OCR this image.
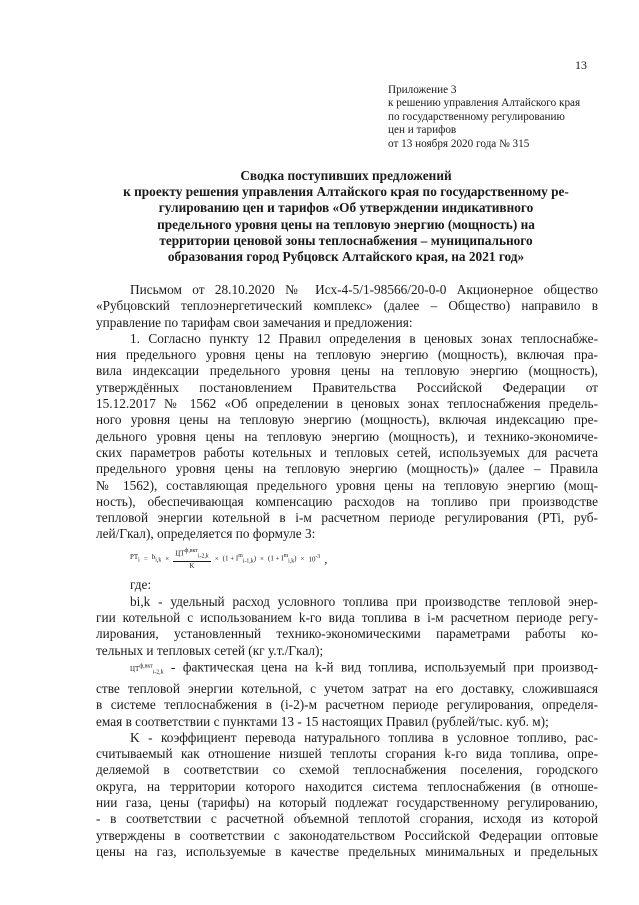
13
Приложение 3
к решению управления Алтайского края
по государственному регулированию
цен и тарифов
от 13 ноября 2020 года № 315
Сводка поступивших предложений
к проекту решения управления Алтайского края по государственному ре-
гулированию цен и тарифов «Об утверждении индикативного
предельного уровня цены на тепловую энергию (мощность) на
территории ценовой зоны теплоснабжения – муниципального
образования город Рубцовск Алтайского края, на 2021 год»
Письмом от 28.10.2020 № Исх-4-5/1-98566/20-0-0 Акционерное общество
«Рубцовский теплоэнергетический комплекс» (далее – Общество) направило в
управление по тарифам свои замечания и предложения:
1. Согласно пункту 12 Правил определения в ценовых зонах теплоснабже-
ния предельного уровня цены на тепловую энергию (мощность), включая пра-
вила индексации предельного уровня цены на тепловую энергию (мощность),
утверждённых постановлением Правительства Российской Федерации от
15.12.2017 № 1562 «Об определении в ценовых зонах теплоснабжения предель-
ного уровня цены на тепловую энергию (мощность), включая индексацию пре-
дельного уровня цены на тепловую энергию (мощность), и технико-экономиче-
ских параметров работы котельных и тепловых сетей, используемых для расчета
предельного уровня цены на тепловую энергию (мощность)» (далее – Правила
№ 1562), составляющая предельного уровня цены на тепловую энергию (мощ-
ность), обеспечивающая компенсацию расходов на топливо при производстве
тепловой энергии котельной в i-м расчетном периоде регулирования (PTi, руб-
лей/Гкал), определяется по формуле 3:
$PT_i = b_{i,k} \times \frac{ЦТ^{ф,вкт}_{i-2,k}}{K} \times (1 + I^m_{i-1,k}) \times (1 + I^m_{i,k}) \times 10^{-3}$ ,
где:
bi,k - удельный расход условного топлива при производстве тепловой энер-
гии котельной с использованием k-го вида топлива в i-м расчетном периоде регу-
лирования, установленный технико-экономическими параметрами работы ко-
тельных и тепловых сетей (кг у.т./Гкал);
$ЦТ^{ф,вкт}_{i-2,k}$ - фактическая цена на k-й вид топлива, используемый при производ-
стве тепловой энергии котельной, с учетом затрат на его доставку, сложившаяся
в системе теплоснабжения в (i-2)-м расчетном периоде регулирования, определя-
емая в соответствии с пунктами 13 - 15 настоящих Правил (рублей/тыс. куб. м);
K - коэффициент перевода натурального топлива в условное топливо, рас-
считываемый как отношение низшей теплоты сгорания k-го вида топлива, опре-
деляемой в соответствии со схемой теплоснабжения поселения, городского
округа, на территории которого находится система теплоснабжения (в отноше-
нии газа, цены (тарифы) на который подлежат государственному регулированию,
- в соответствии с расчетной объемной теплотой сгорания, исходя из которой
утверждены в соответствии с законодательством Российской Федерации оптовые
цены на газ, используемые в качестве предельных минимальных и предельных
